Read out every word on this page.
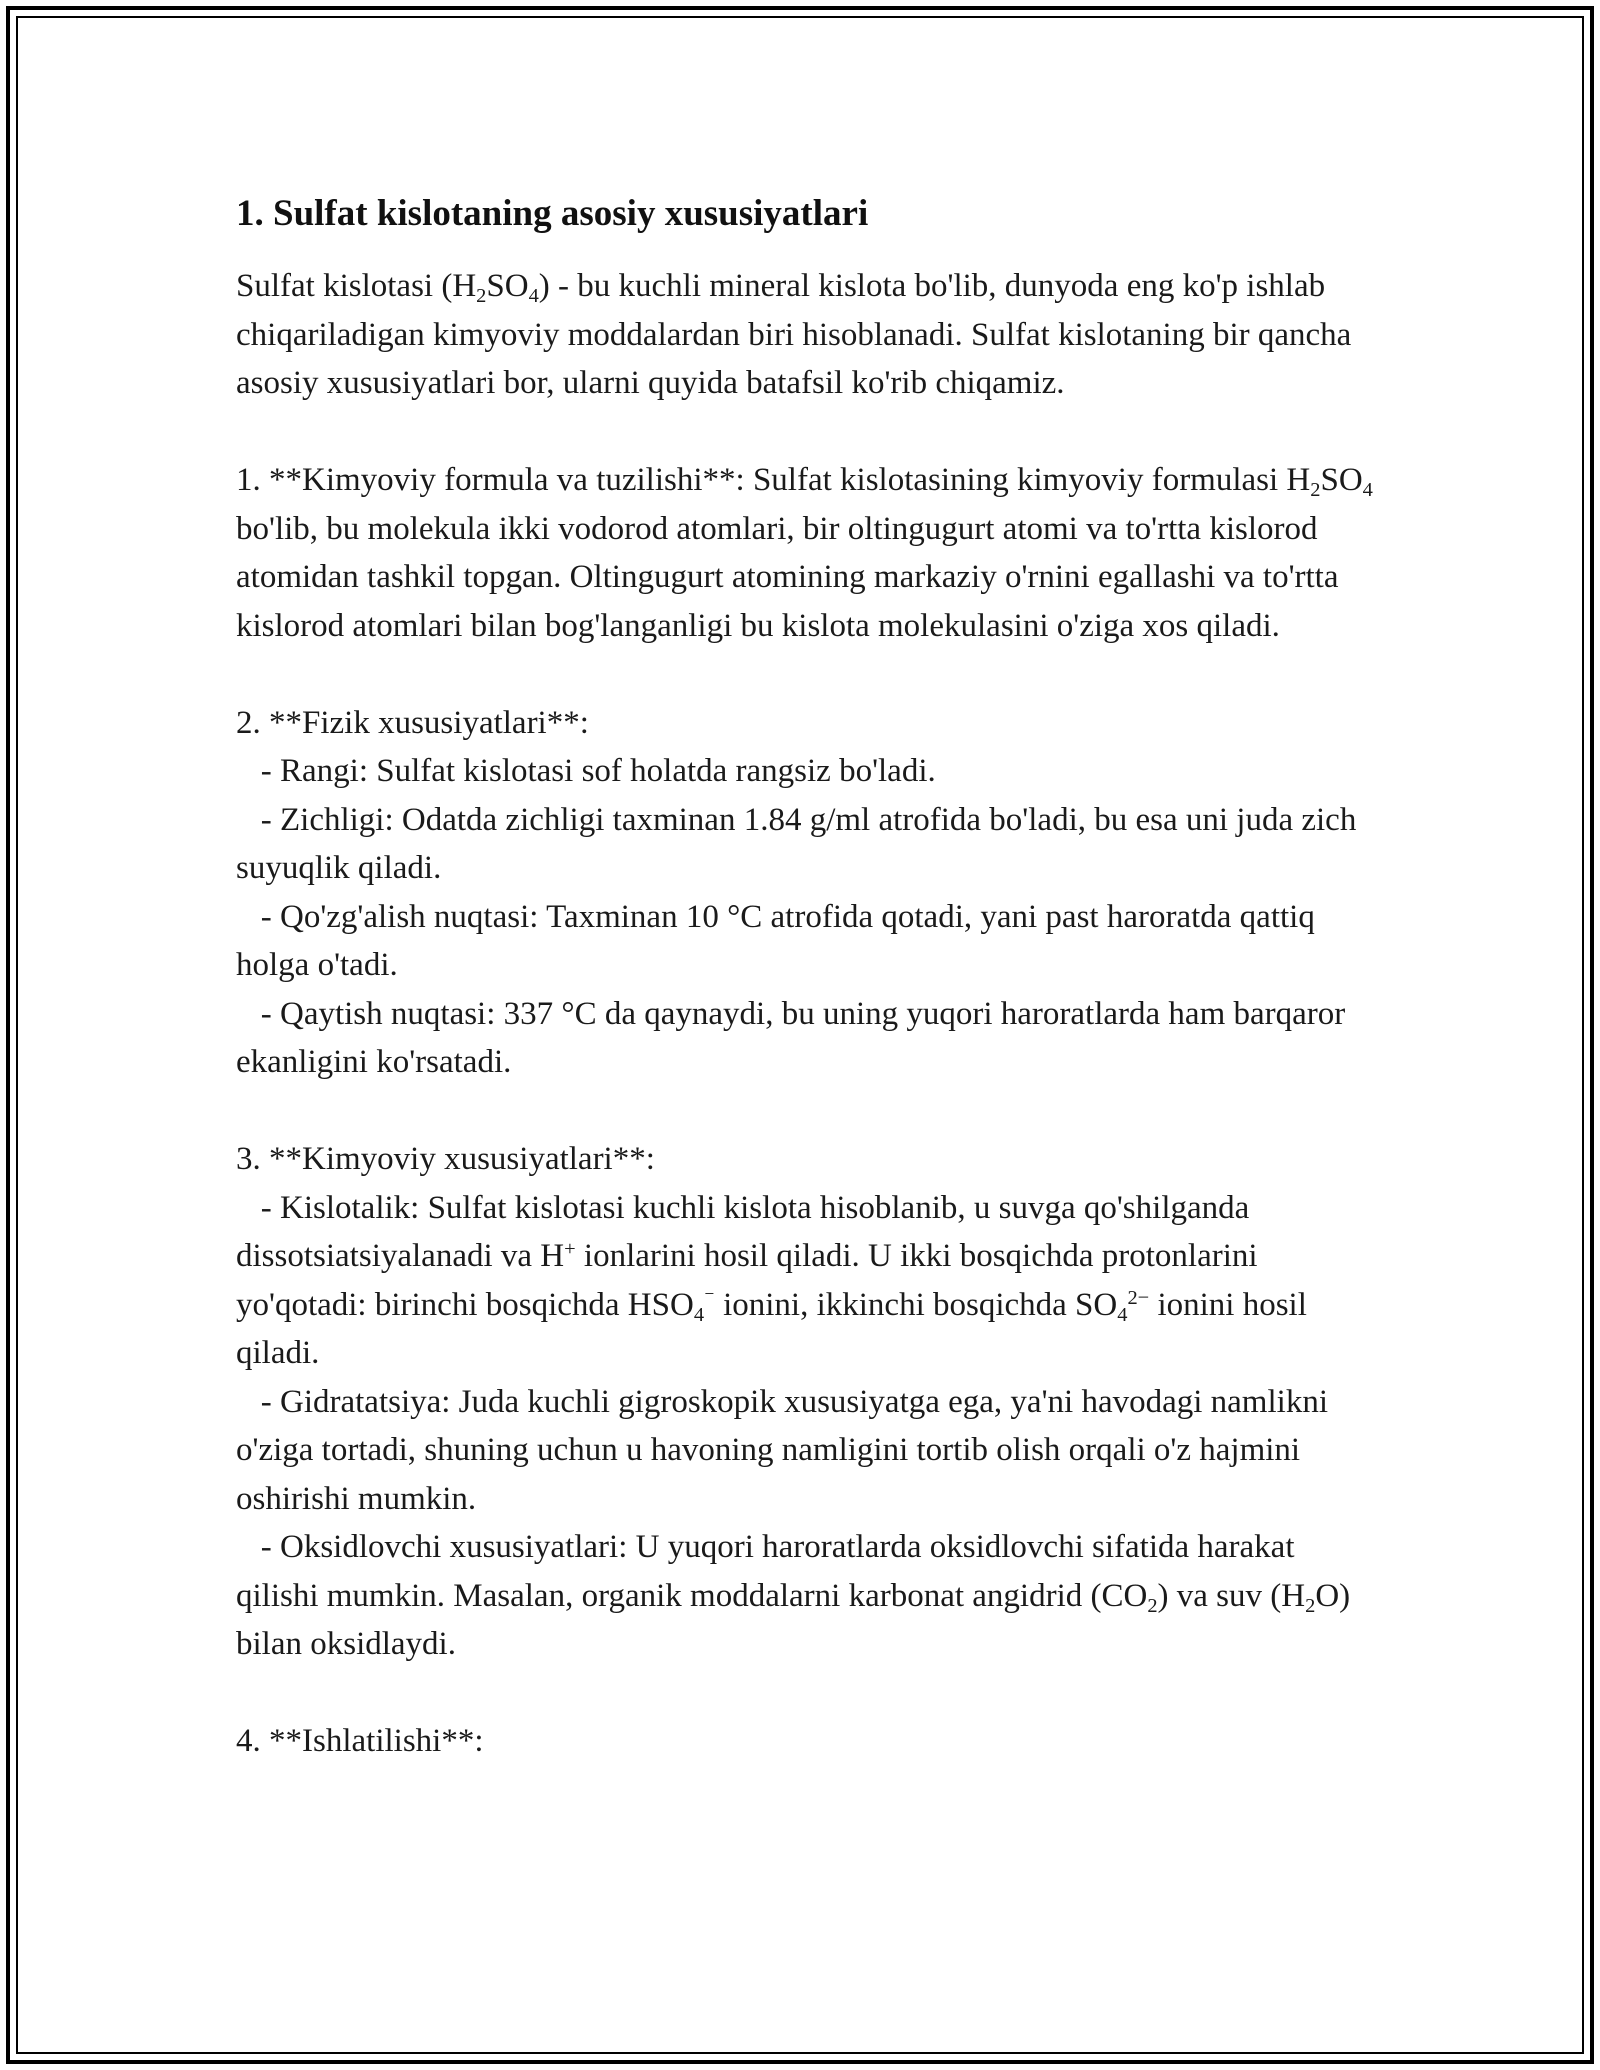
1. Sulfat kislotaning asosiy xususiyatlari

Sulfat kislotasi $(H_2SO_4)$ - bu kuchli mineral kislota bo'lib, dunyoda eng ko'p ishlab chiqariladigan kimyoviy moddalardan biri hisoblanadi. Sulfat kislotaning bir qancha asosiy xususiyatlari bor, ularni quyida batafsil ko'rib chiqamiz.

1. **Kimyoviy formula va tuzilishi**: Sulfat kislotasining kimyoviy formulasi $H_2SO_4$ bo'lib, bu molekula ikki vodorod atomlari, bir oltingugurt atomi va to'rtta kislorod atomidan tashkil topgan. Oltingugurt atomining markaziy o'rnini egallashi va to'rtta kislorod atomlari bilan bog'langanligi bu kislota molekulasini o'ziga xos qiladi.

2. **Fizik xususiyatlari**:

- Rangi: Sulfat kislotasi sof holatda rangsiz bo'ladi.

- Zichligi: Odatda zichligi taxminan 1.84 g/ml atrofida bo'ladi, bu esa uni juda zich suyuqlik qiladi.

- Qo'zg'alish nuqtasi: Taxminan 10 °C atrofida qotadi, yani past haroratda qattiq holga o'tadi.

- Qaytish nuqtasi: 337 °C da qaynaydi, bu uning yuqori haroratlarda ham barqaror ekanligini ko'rsatadi.

3. **Kimyoviy xususiyatlari**:

- Kislotalik: Sulfat kislotasi kuchli kislota hisoblanib, u suvga qo'shilganda dissotsiatsiyalanadi va H+ ionlarini hosil qiladi. U ikki bosqichda protonlarini yo'qotadi: birinchi bosqichda $HSO_4^{^-}$ ionini, ikkinchi bosqichda $SO_4^{2-}$ ionini hosil qiladi.

- Gidratatsiya: Juda kuchli gigroskopik xususiyatga ega, ya'ni havodagi namlikni o'ziga tortadi, shuning uchun u havoning namligini tortib olish orqali o'z hajmini oshirishi mumkin.

- Oksidlovchi xususiyatlari: U yuqori haroratlarda oksidlovchi sifatida harakat qilishi mumkin. Masalan, organik moddalarni karbonat angidrid $(CO_2)$ va suv $(H_2O)$ bilan oksidlaydi.

4. **Ishlatilishi**:
